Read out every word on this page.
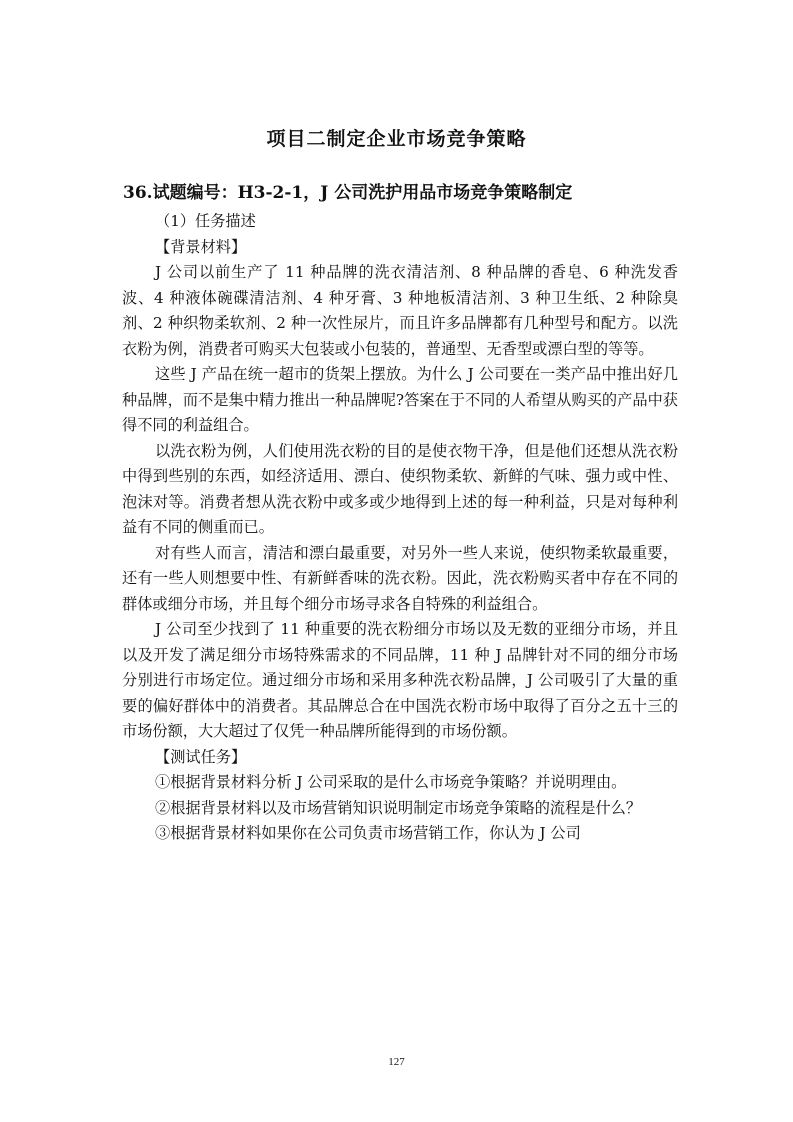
项目二制定企业市场竞争策略
36.试题编号：H3-2-1，J 公司洗护用品市场竞争策略制定

（1）任务描述

【背景材料】

J 公司以前生产了 11 种品牌的洗衣清洁剂、8 种品牌的香皂、6 种洗发香波、4 种液体碗碟清洁剂、4 种牙膏、3 种地板清洁剂、3 种卫生纸、2 种除臭剂、2 种织物柔软剂、2 种一次性尿片，而且许多品牌都有几种型号和配方。以洗衣粉为例，消费者可购买大包装或小包装的，普通型、无香型或漂白型的等等。

这些 J 产品在统一超市的货架上摆放。为什么 J 公司要在一类产品中推出好几种品牌，而不是集中精力推出一种品牌呢?答案在于不同的人希望从购买的产品中获得不同的利益组合。

以洗衣粉为例，人们使用洗衣粉的目的是使衣物干净，但是他们还想从洗衣粉中得到些别的东西，如经济适用、漂白、使织物柔软、新鲜的气味、强力或中性、泡沫对等。消费者想从洗衣粉中或多或少地得到上述的每一种利益，只是对每种利益有不同的侧重而已。

对有些人而言，清洁和漂白最重要，对另外一些人来说，使织物柔软最重要，还有一些人则想要中性、有新鲜香味的洗衣粉。因此，洗衣粉购买者中存在不同的群体或细分市场，并且每个细分市场寻求各自特殊的利益组合。

J 公司至少找到了 11 种重要的洗衣粉细分市场以及无数的亚细分市场，并且以及开发了满足细分市场特殊需求的不同品牌，11 种 J 品牌针对不同的细分市场分别进行市场定位。通过细分市场和采用多种洗衣粉品牌，J 公司吸引了大量的重要的偏好群体中的消费者。其品牌总合在中国洗衣粉市场中取得了百分之五十三的市场份额，大大超过了仅凭一种品牌所能得到的市场份额。

【测试任务】

①根据背景材料分析 J 公司采取的是什么市场竞争策略？并说明理由。

②根据背景材料以及市场营销知识说明制定市场竞争策略的流程是什么？

③根据背景材料如果你在公司负责市场营销工作，你认为 J 公司

127
